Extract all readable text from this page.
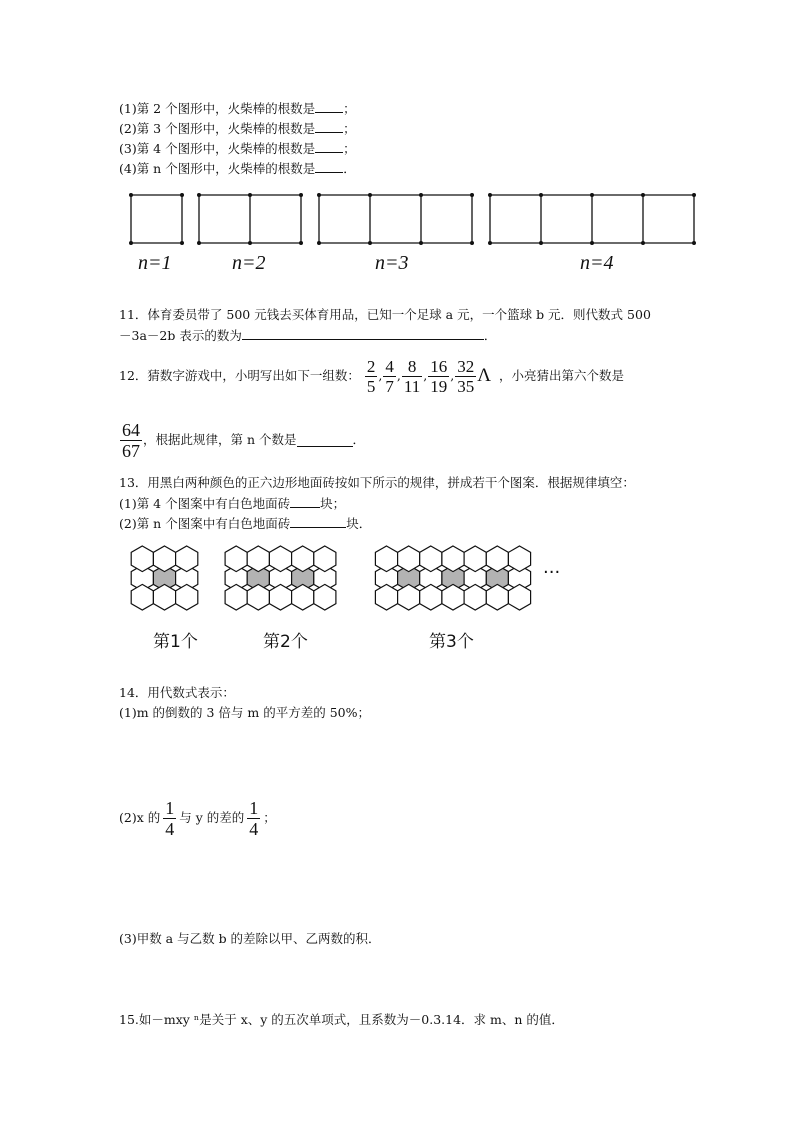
(1)第 2 个图形中，火柴棒的根数是 ；
(2)第 3 个图形中，火柴棒的根数是 ；
(3)第 4 个图形中，火柴棒的根数是 ；
(4)第 n 个图形中，火柴棒的根数是 ．
n=1	n=2	n=3	n=4
11．体育委员带了 500 元钱去买体育用品，已知一个足球 a 元，一个篮球 b 元．则代数式 500
－3a－2b 表示的数为	．
12．猜数字游戏中，小明写出如下一组数： $\frac{2}{5}$ , $\frac{4}{7}$ , $\frac{8}{11}$ , $\frac{16}{19}$ , $\frac{32}{35}$ Λ ，小亮猜出第六个数是
$\frac{64}{67}$ ，根据此规律，第 n 个数是	．
13．用黑白两种颜色的正六边形地面砖按如下所示的规律，拼成若干个图案．根据规律填空：
(1)第 4 个图案中有白色地面砖 块；
(2)第 n 个图案中有白色地面砖	块．
第1个	第2个	第3个
···
14．用代数式表示：
(1)m 的倒数的 3 倍与 m 的平方差的 50%；
(2)x 的 $\frac{1}{4}$ 与 y 的差的 $\frac{1}{4}$ ；
(3)甲数 a 与乙数 b 的差除以甲、乙两数的积．
15.如－mxy ⁿ是关于 x、y 的五次单项式，且系数为－0.3.14．求 m、n 的值．
